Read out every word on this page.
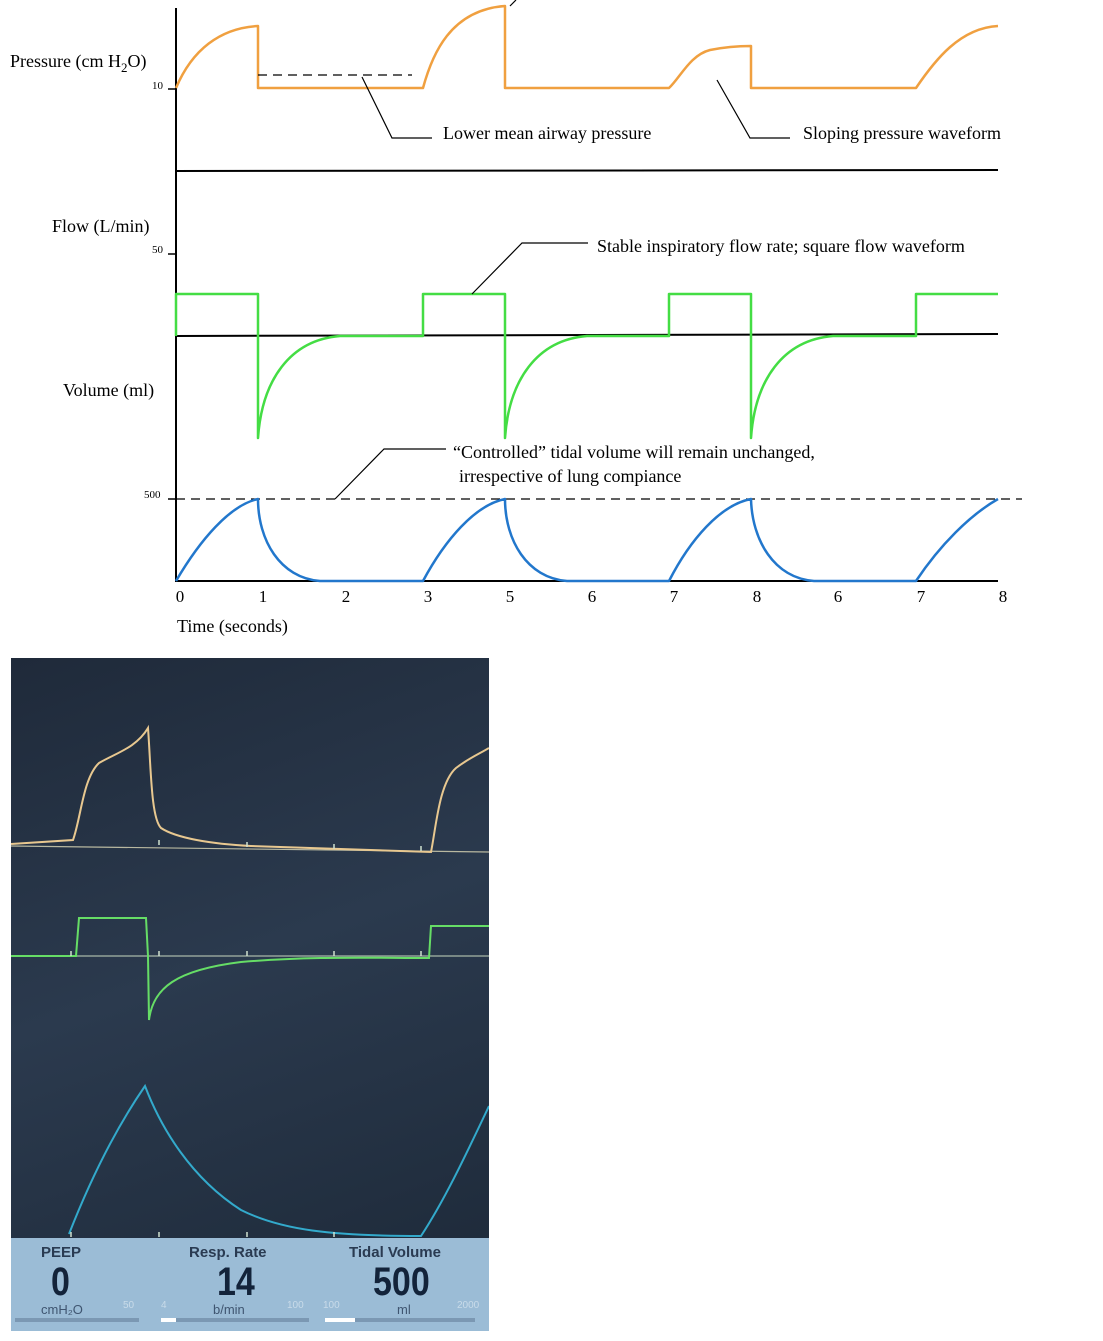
Pressure (cm $H_2O$)
10
Flow (L/min)
50
Volume (ml)
500
Time (seconds)
0	1	2	3	5	6	7	8	6	7	8
Lower mean airway pressure	Sloping pressure waveform
Stable inspiratory flow rate; square flow waveform
“Controlled” tidal volume will remain unchanged,
irrespective of lung compiance
PEEP
0
cmH₂O	50	4
Resp. Rate
14
b/min	100 100
Tidal Volume
500
ml	2000
